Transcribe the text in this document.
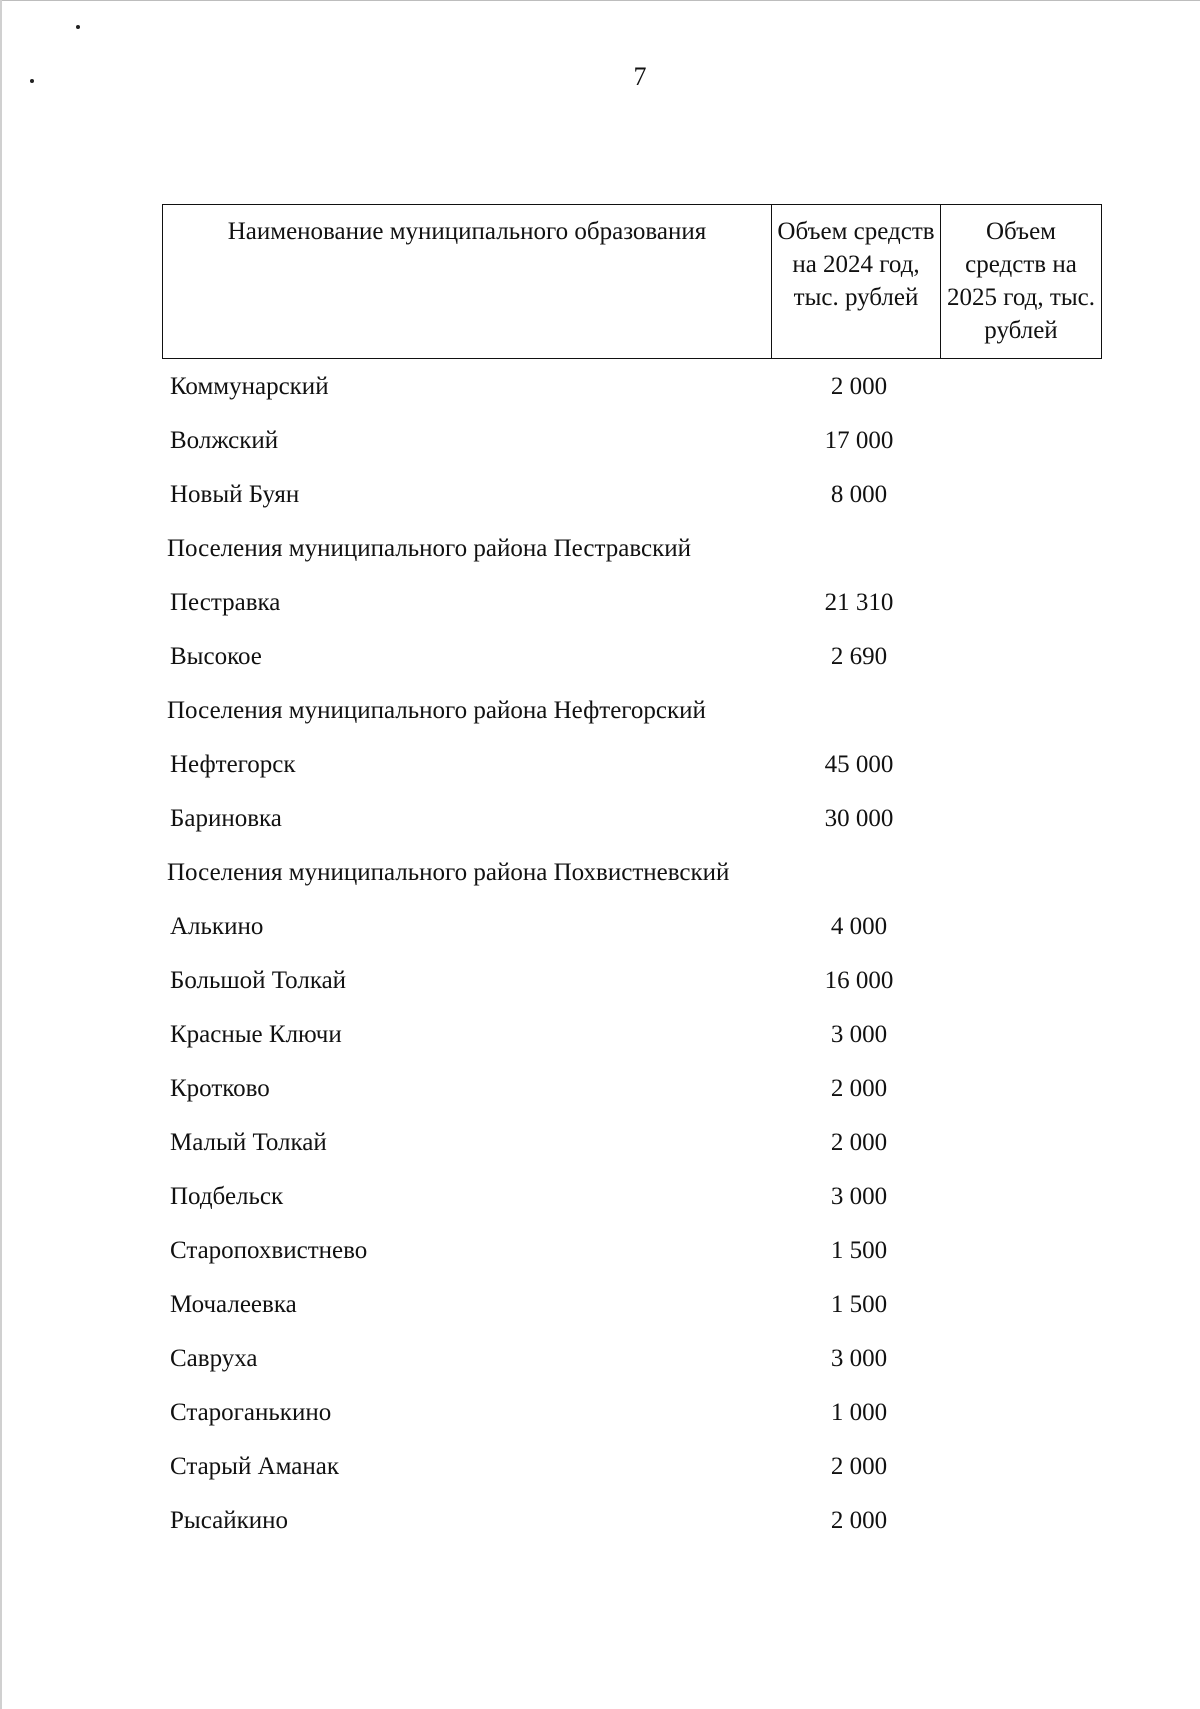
7
Наименование муниципального образования	Объем средств на 2024 год, тыс. рублей	Объем средств на 2025 год, тыс. рублей
Коммунарский	2 000
Волжский	17 000
Новый Буян	8 000
Поселения муниципального района Пестравский
Пестравка	21 310
Высокое	2 690
Поселения муниципального района Нефтегорский
Нефтегорск	45 000
Бариновка	30 000
Поселения муниципального района Похвистневский
Алькино	4 000
Большой Толкай	16 000
Красные Ключи	3 000
Кротково	2 000
Малый Толкай	2 000
Подбельск	3 000
Старопохвистнево	1 500
Мочалеевка	1 500
Савруха	3 000
Староганькино	1 000
Старый Аманак	2 000
Рысайкино	2 000
